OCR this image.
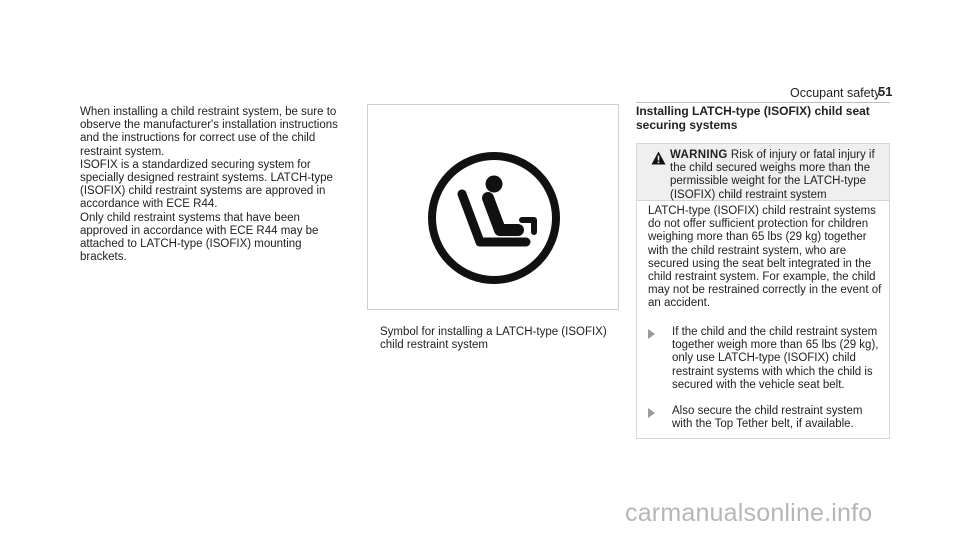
Occupant safety
51

When installing a child restraint system, be sure to observe the manufacturer's installation instructions and the instructions for correct use of the child restraint system.

ISOFIX is a standardized securing system for specially designed restraint systems. LATCH-type (ISOFIX) child restraint systems are approved in accordance with ECE R44.

Only child restraint systems that have been approved in accordance with ECE R44 may be attached to LATCH-type (ISOFIX) mounting brackets.

Symbol for installing a LATCH-type (ISOFIX) child restraint system
Installing LATCH-type (ISOFIX) child seat securing systems
WARNING Risk of injury or fatal injury if the child secured weighs more than the permissible weight for the LATCH-type (ISOFIX) child restraint system
LATCH-type (ISOFIX) child restraint systems do not offer sufficient protection for children weighing more than 65 lbs (29 kg) together with the child restraint system, who are secured using the seat belt integrated in the child restraint system. For example, the child may not be restrained correctly in the event of an accident.
If the child and the child restraint system together weigh more than 65 lbs (29 kg), only use LATCH-type (ISOFIX) child restraint systems with which the child is secured with the vehicle seat belt.
Also secure the child restraint system with the Top Tether belt, if available.
carmanualsonline.info
